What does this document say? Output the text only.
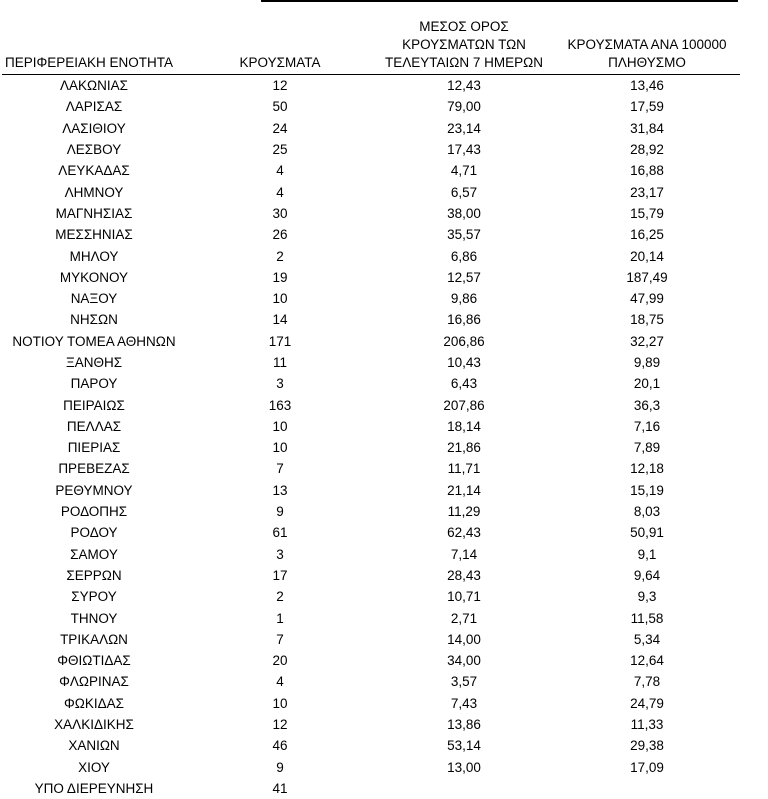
ΠΕΡΙΦΕΡΕΙΑΚΗ ΕΝΟΤΗΤΑ	ΚΡΟΥΣΜΑΤΑ	ΜΕΣΟΣ ΟΡΟΣ
ΚΡΟΥΣΜΑΤΩΝ ΤΩΝ
ΤΕΛΕΥΤΑΙΩΝ 7 ΗΜΕΡΩΝ	ΚΡΟΥΣΜΑΤΑ ΑΝΑ 100000
ΠΛΗΘΥΣΜΟ

ΛΑΚΩΝΙΑΣ	12	12,43	13,46
ΛΑΡΙΣΑΣ	50	79,00	17,59
ΛΑΣΙΘΙΟΥ	24	23,14	31,84
ΛΕΣΒΟΥ	25	17,43	28,92
ΛΕΥΚΑΔΑΣ	4	4,71	16,88
ΛΗΜΝΟΥ	4	6,57	23,17
ΜΑΓΝΗΣΙΑΣ	30	38,00	15,79
ΜΕΣΣΗΝΙΑΣ	26	35,57	16,25
ΜΗΛΟΥ	2	6,86	20,14
ΜΥΚΟΝΟΥ	19	12,57	187,49
ΝΑΞΟΥ	10	9,86	47,99
ΝΗΣΩΝ	14	16,86	18,75
ΝΟΤΙΟΥ ΤΟΜΕΑ ΑΘΗΝΩΝ	171	206,86	32,27
ΞΑΝΘΗΣ	11	10,43	9,89
ΠΑΡΟΥ	3	6,43	20,1
ΠΕΙΡΑΙΩΣ	163	207,86	36,3
ΠΕΛΛΑΣ	10	18,14	7,16
ΠΙΕΡΙΑΣ	10	21,86	7,89
ΠΡΕΒΕΖΑΣ	7	11,71	12,18
ΡΕΘΥΜΝΟΥ	13	21,14	15,19
ΡΟΔΟΠΗΣ	9	11,29	8,03
ΡΟΔΟΥ	61	62,43	50,91
ΣΑΜΟΥ	3	7,14	9,1
ΣΕΡΡΩΝ	17	28,43	9,64
ΣΥΡΟΥ	2	10,71	9,3
ΤΗΝΟΥ	1	2,71	11,58
ΤΡΙΚΑΛΩΝ	7	14,00	5,34
ΦΘΙΩΤΙΔΑΣ	20	34,00	12,64
ΦΛΩΡΙΝΑΣ	4	3,57	7,78
ΦΩΚΙΔΑΣ	10	7,43	24,79
ΧΑΛΚΙΔΙΚΗΣ	12	13,86	11,33
ΧΑΝΙΩΝ	46	53,14	29,38
ΧΙΟΥ	9	13,00	17,09
ΥΠΟ ΔΙΕΡΕΥΝΗΣΗ	41		
